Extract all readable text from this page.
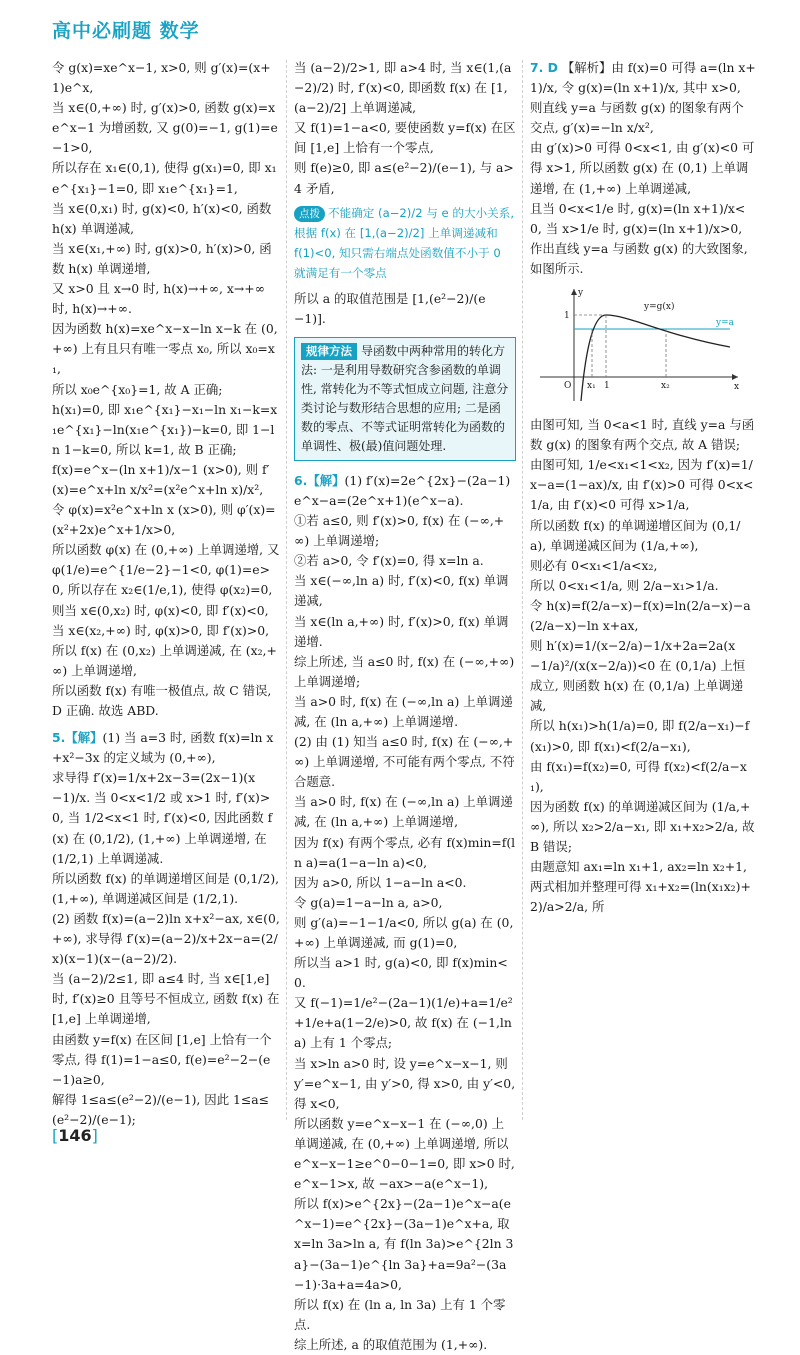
高中必刷题 数学

令 g(x)=xe^x−1, x>0, 则 g′(x)=(x+1)e^x,

当 x∈(0,+∞) 时, g′(x)>0, 函数 g(x)=xe^x−1 为增函数, 又 g(0)=−1, g(1)=e−1>0,

所以存在 x₁∈(0,1), 使得 g(x₁)=0, 即 x₁e^{x₁}−1=0, 即 x₁e^{x₁}=1,

当 x∈(0,x₁) 时, g(x)<0, h′(x)<0, 函数 h(x) 单调递减,

当 x∈(x₁,+∞) 时, g(x)>0, h′(x)>0, 函数 h(x) 单调递增,

又 x>0 且 x→0 时, h(x)→+∞, x→+∞ 时, h(x)→+∞.

因为函数 h(x)=xe^x−x−ln x−k 在 (0,+∞) 上有且只有唯一零点 x₀, 所以 x₀=x₁,

所以 x₀e^{x₀}=1, 故 A 正确;

h(x₁)=0, 即 x₁e^{x₁}−x₁−ln x₁−k=x₁e^{x₁}−ln(x₁e^{x₁})−k=0, 即 1−ln 1−k=0, 所以 k=1, 故 B 正确;

f(x)=e^x−(ln x+1)/x−1 (x>0), 则 f′(x)=e^x+ln x/x²=(x²e^x+ln x)/x²,

令 φ(x)=x²e^x+ln x (x>0), 则 φ′(x)=(x²+2x)e^x+1/x>0,

所以函数 φ(x) 在 (0,+∞) 上单调递增, 又 φ(1/e)=e^{1/e−2}−1<0, φ(1)=e>0, 所以存在 x₂∈(1/e,1), 使得 φ(x₂)=0,

则当 x∈(0,x₂) 时, φ(x)<0, 即 f′(x)<0, 当 x∈(x₂,+∞) 时, φ(x)>0, 即 f′(x)>0, 所以 f(x) 在 (0,x₂) 上单调递减, 在 (x₂,+∞) 上单调递增,

所以函数 f(x) 有唯一极值点, 故 C 错误, D 正确. 故选 ABD.

5.【解】(1) 当 a=3 时, 函数 f(x)=ln x+x²−3x 的定义域为 (0,+∞),

求导得 f′(x)=1/x+2x−3=(2x−1)(x−1)/x. 当 0<x<1/2 或 x>1 时, f′(x)>0, 当 1/2<x<1 时, f′(x)<0, 因此函数 f(x) 在 (0,1/2), (1,+∞) 上单调递增, 在 (1/2,1) 上单调递减.

所以函数 f(x) 的单调递增区间是 (0,1/2), (1,+∞), 单调递减区间是 (1/2,1).

(2) 函数 f(x)=(a−2)ln x+x²−ax, x∈(0,+∞), 求导得 f′(x)=(a−2)/x+2x−a=(2/x)(x−1)(x−(a−2)/2).

当 (a−2)/2≤1, 即 a≤4 时, 当 x∈[1,e] 时, f′(x)≥0 且等号不恒成立, 函数 f(x) 在 [1,e] 上单调递增,

由函数 y=f(x) 在区间 [1,e] 上恰有一个零点, 得 f(1)=1−a≤0, f(e)=e²−2−(e−1)a≥0,

解得 1≤a≤(e²−2)/(e−1), 因此 1≤a≤(e²−2)/(e−1);

当 (a−2)/2>1, 即 a>4 时, 当 x∈(1,(a−2)/2) 时, f′(x)<0, 即函数 f(x) 在 [1,(a−2)/2] 上单调递减,

又 f(1)=1−a<0, 要使函数 y=f(x) 在区间 [1,e] 上恰有一个零点,

则 f(e)≥0, 即 a≤(e²−2)/(e−1), 与 a>4 矛盾,

点拨 不能确定 (a−2)/2 与 e 的大小关系, 根据 f(x) 在 [1,(a−2)/2] 上单调递减和 f(1)<0, 知只需右端点处函数值不小于 0 就满足有一个零点

所以 a 的取值范围是 [1,(e²−2)/(e−1)].

规律方法 导函数中两种常用的转化方法: 一是利用导数研究含参函数的单调性, 常转化为不等式恒成立问题, 注意分类讨论与数形结合思想的应用; 二是函数的零点、不等式证明常转化为函数的单调性、极(最)值问题处理.

6.【解】(1) f′(x)=2e^{2x}−(2a−1)e^x−a=(2e^x+1)(e^x−a).

①若 a≤0, 则 f′(x)>0, f(x) 在 (−∞,+∞) 上单调递增;

②若 a>0, 令 f′(x)=0, 得 x=ln a.

当 x∈(−∞,ln a) 时, f′(x)<0, f(x) 单调递减,

当 x∈(ln a,+∞) 时, f′(x)>0, f(x) 单调递增.

综上所述, 当 a≤0 时, f(x) 在 (−∞,+∞) 上单调递增;

当 a>0 时, f(x) 在 (−∞,ln a) 上单调递减, 在 (ln a,+∞) 上单调递增.

(2) 由 (1) 知当 a≤0 时, f(x) 在 (−∞,+∞) 上单调递增, 不可能有两个零点, 不符合题意.

当 a>0 时, f(x) 在 (−∞,ln a) 上单调递减, 在 (ln a,+∞) 上单调递增,

因为 f(x) 有两个零点, 必有 f(x)min=f(ln a)=a(1−a−ln a)<0,

因为 a>0, 所以 1−a−ln a<0.

令 g(a)=1−a−ln a, a>0,

则 g′(a)=−1−1/a<0, 所以 g(a) 在 (0,+∞) 上单调递减, 而 g(1)=0,

所以当 a>1 时, g(a)<0, 即 f(x)min<0.

又 f(−1)=1/e²−(2a−1)(1/e)+a=1/e²+1/e+a(1−2/e)>0, 故 f(x) 在 (−1,ln a) 上有 1 个零点;

当 x>ln a>0 时, 设 y=e^x−x−1, 则 y′=e^x−1, 由 y′>0, 得 x>0, 由 y′<0, 得 x<0,

所以函数 y=e^x−x−1 在 (−∞,0) 上单调递减, 在 (0,+∞) 上单调递增, 所以 e^x−x−1≥e^0−0−1=0, 即 x>0 时, e^x−1>x, 故 −ax>−a(e^x−1),

所以 f(x)>e^{2x}−(2a−1)e^x−a(e^x−1)=e^{2x}−(3a−1)e^x+a, 取 x=ln 3a>ln a, 有 f(ln 3a)>e^{2ln 3a}−(3a−1)e^{ln 3a}+a=9a²−(3a−1)·3a+a=4a>0,

所以 f(x) 在 (ln a, ln 3a) 上有 1 个零点.

综上所述, a 的取值范围为 (1,+∞).

7. D 【解析】由 f(x)=0 可得 a=(ln x+1)/x, 令 g(x)=(ln x+1)/x, 其中 x>0,

则直线 y=a 与函数 g(x) 的图象有两个交点, g′(x)=−ln x/x²,

由 g′(x)>0 可得 0<x<1, 由 g′(x)<0 可得 x>1, 所以函数 g(x) 在 (0,1) 上单调递增, 在 (1,+∞) 上单调递减,

且当 0<x<1/e 时, g(x)=(ln x+1)/x<0, 当 x>1/e 时, g(x)=(ln x+1)/x>0,

作出直线 y=a 与函数 g(x) 的大致图象, 如图所示.

y=g(x)
y=a
O	x
y
1
x₁ 1	x₂

由图可知, 当 0<a<1 时, 直线 y=a 与函数 g(x) 的图象有两个交点, 故 A 错误;

由图可知, 1/e<x₁<1<x₂, 因为 f′(x)=1/x−a=(1−ax)/x, 由 f′(x)>0 可得 0<x<1/a, 由 f′(x)<0 可得 x>1/a,

所以函数 f(x) 的单调递增区间为 (0,1/a), 单调递减区间为 (1/a,+∞),

则必有 0<x₁<1/a<x₂,

所以 0<x₁<1/a, 则 2/a−x₁>1/a.

令 h(x)=f(2/a−x)−f(x)=ln(2/a−x)−a(2/a−x)−ln x+ax,

则 h′(x)=1/(x−2/a)−1/x+2a=2a(x−1/a)²/(x(x−2/a))<0 在 (0,1/a) 上恒成立, 则函数 h(x) 在 (0,1/a) 上单调递减,

所以 h(x₁)>h(1/a)=0, 即 f(2/a−x₁)−f(x₁)>0, 即 f(x₁)<f(2/a−x₁),

由 f(x₁)=f(x₂)=0, 可得 f(x₂)<f(2/a−x₁),

因为函数 f(x) 的单调递减区间为 (1/a,+∞), 所以 x₂>2/a−x₁, 即 x₁+x₂>2/a, 故 B 错误;

由题意知 ax₁=ln x₁+1, ax₂=ln x₂+1, 两式相加并整理可得 x₁+x₂=(ln(x₁x₂)+2)/a>2/a, 所

[146]
